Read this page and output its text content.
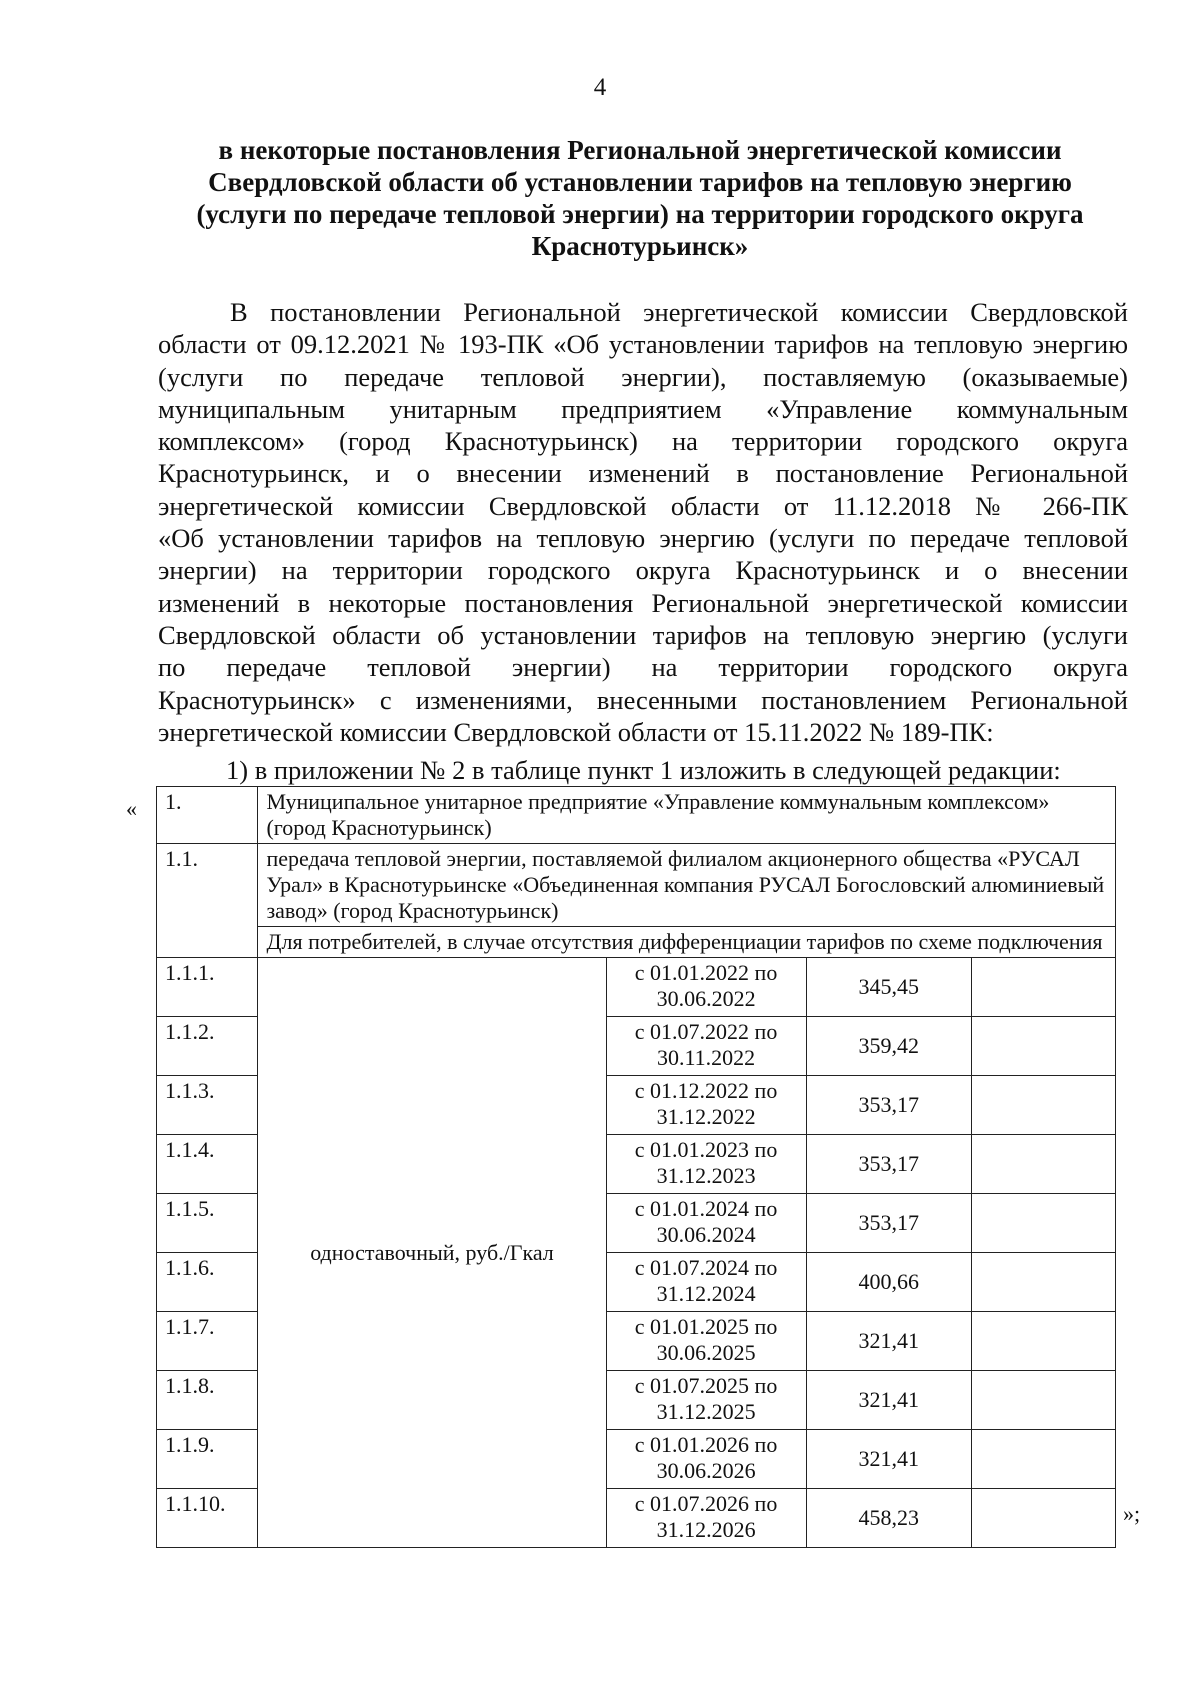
4
в некоторые постановления Региональной энергетической комиссии
Свердловской области об установлении тарифов на тепловую энергию
(услуги по передаче тепловой энергии) на территории городского округа
Краснотурьинск»
В постановлении Региональной энергетической комиссии Свердловской
области от 09.12.2021 № 193-ПК «Об установлении тарифов на тепловую энергию
(услуги по передаче тепловой энергии), поставляемую (оказываемые)
муниципальным унитарным предприятием «Управление коммунальным
комплексом» (город Краснотурьинск) на территории городского округа
Краснотурьинск, и о внесении изменений в постановление Региональной
энергетической комиссии Свердловской области от 11.12.2018 № 266-ПК
«Об установлении тарифов на тепловую энергию (услуги по передаче тепловой
энергии) на территории городского округа Краснотурьинск и о внесении
изменений в некоторые постановления Региональной энергетической комиссии
Свердловской области об установлении тарифов на тепловую энергию (услуги
по передаче тепловой энергии) на территории городского округа
Краснотурьинск» с изменениями, внесенными постановлением Региональной
энергетической комиссии Свердловской области от 15.11.2022 № 189-ПК:
1) в приложении № 2 в таблице пункт 1 изложить в следующей редакции:
« 1.	Муниципальное унитарное предприятие «Управление коммунальным комплексом» (город Краснотурьинск)			
1.1.	передача тепловой энергии, поставляемой филиалом акционерного общества «РУСАЛ Урал» в Краснотурьинске «Объединенная компания РУСАЛ Богословский алюминиевый завод» (город Краснотурьинск)			
	Для потребителей, в случае отсутствия дифференциации тарифов по схеме подключения			
1.1.1.	одноставочный, руб./Гкал	с 01.01.2022 по 30.06.2022	345,45	
1.1.2.		с 01.07.2022 по 30.11.2022	359,42	
1.1.3.		с 01.12.2022 по 31.12.2022	353,17	
1.1.4.		с 01.01.2023 по 31.12.2023	353,17	
1.1.5.		с 01.01.2024 по 30.06.2024	353,17	
1.1.6.		с 01.07.2024 по 31.12.2024	400,66	
1.1.7.		с 01.01.2025 по 30.06.2025	321,41	
1.1.8.		с 01.07.2025 по 31.12.2025	321,41	
1.1.9.		с 01.01.2026 по 30.06.2026	321,41	
1.1.10.		с 01.07.2026 по 31.12.2026	458,23		»;
